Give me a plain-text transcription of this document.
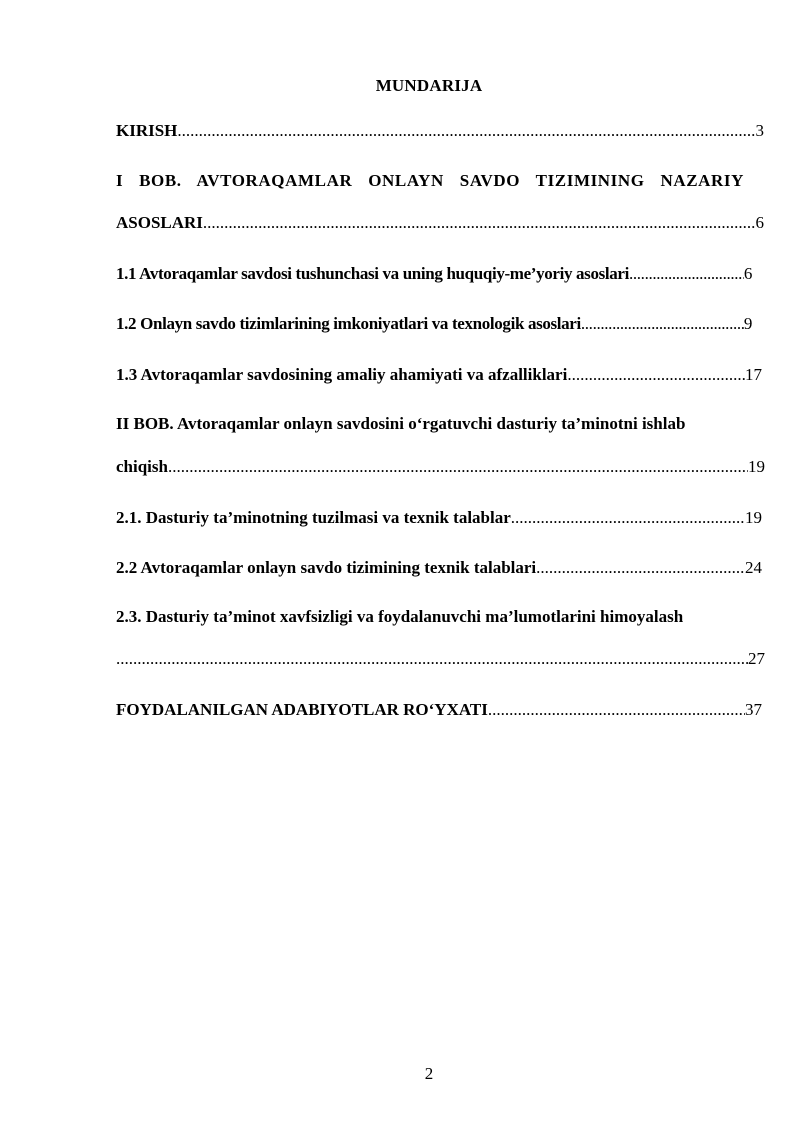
MUNDARIJA
KIRISH .....	3
I BOB. AVTORAQAMLAR ONLAYN SAVDO TIZIMINING NAZARIY
ASOSLARI .....	6
1.1 Avtoraqamlar savdosi tushunchasi va uning huquqiy-me’yoriy asoslari .....	6
1.2 Onlayn savdo tizimlarining imkoniyatlari va texnologik asoslari .....	9
1.3 Avtoraqamlar savdosining amaliy ahamiyati va afzalliklari .....	17
II BOB. Avtoraqamlar onlayn savdosini o‘rgatuvchi dasturiy ta’minotni ishlab
chiqish .....	19
2.1. Dasturiy ta’minotning tuzilmasi va texnik talablar .....	19
2.2 Avtoraqamlar onlayn savdo tizimining texnik talablari .....	24
2.3. Dasturiy ta’minot xavfsizligi va foydalanuvchi ma’lumotlarini himoyalash
.....
27
FOYDALANILGAN ADABIYOTLAR RO‘YXATI .....	37
2
